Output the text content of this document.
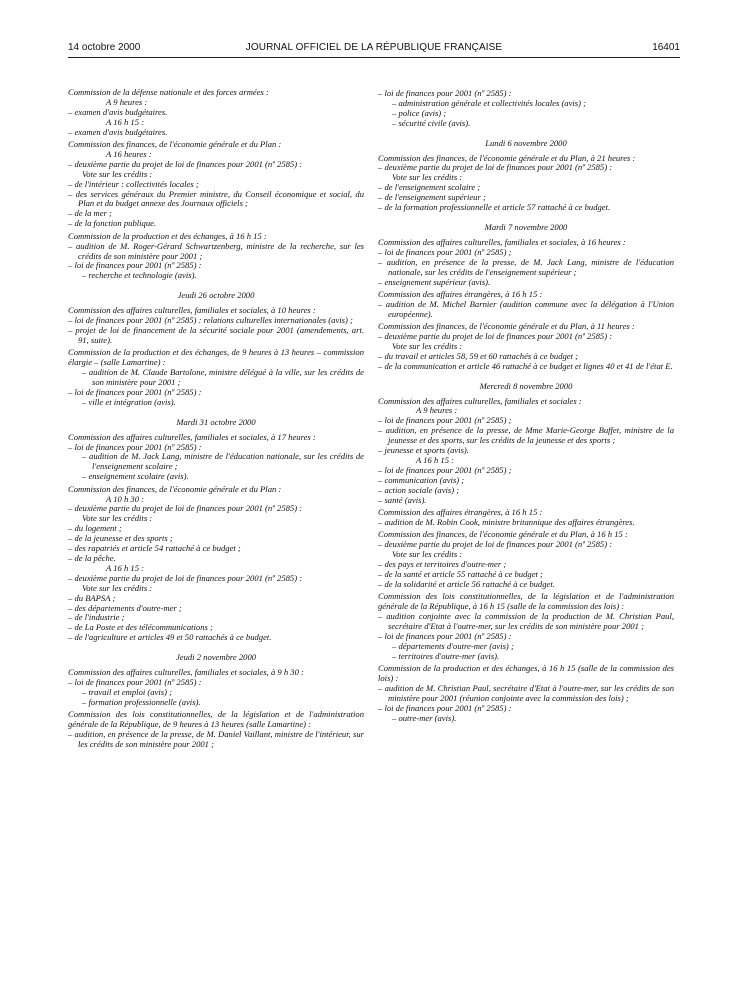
14 octobre 2000	JOURNAL OFFICIEL DE LA RÉPUBLIQUE FRANÇAISE	16401
Commission de la défense nationale et des forces armées :
A 9 heures :
– examen d'avis budgétaires.
A 16 h 15 :
– examen d'avis budgétaires.
Commission des finances, de l'économie générale et du Plan :
A 16 heures :
– deuxième partie du projet de loi de finances pour 2001 (nº 2585) :
Vote sur les crédits :
– de l'intérieur : collectivités locales ;
– des services généraux du Premier ministre, du Conseil économique et social, du Plan et du budget annexe des Journaux officiels ;
– de la mer ;
– de la fonction publique.
Commission de la production et des échanges, à 16 h 15 :
– audition de M. Roger-Gérard Schwartzenberg, ministre de la recherche, sur les crédits de son ministère pour 2001 ;
– loi de finances pour 2001 (nº 2585) :
– recherche et technologie (avis).
Jeudi 26 octobre 2000
Commission des affaires culturelles, familiales et sociales, à 10 heures :
– loi de finances pour 2001 (nº 2585) : relations culturelles internationales (avis) ;
– projet de loi de financement de la sécurité sociale pour 2001 (amendements, art. 91, suite).
Commission de la production et des échanges, de 9 heures à 13 heures – commission élargie – (salle Lamartine) :
– audition de M. Claude Bartolone, ministre délégué à la ville, sur les crédits de son ministère pour 2001 ;
– loi de finances pour 2001 (nº 2585) :
– ville et intégration (avis).
Mardi 31 octobre 2000
Commission des affaires culturelles, familiales et sociales, à 17 heures :
– loi de finances pour 2001 (nº 2585) :
– audition de M. Jack Lang, ministre de l'éducation nationale, sur les crédits de l'enseignement scolaire ;
– enseignement scolaire (avis).
Commission des finances, de l'économie générale et du Plan :
A 10 h 30 :
– deuxième partie du projet de loi de finances pour 2001 (nº 2585) :
Vote sur les crédits :
– du logement ;
– de la jeunesse et des sports ;
– des rapatriés et article 54 rattaché à ce budget ;
– de la pêche.
A 16 h 15 :
– deuxième partie du projet de loi de finances pour 2001 (nº 2585) :
Vote sur les crédits :
– du BAPSA ;
– des départements d'outre-mer ;
– de l'industrie ;
– de La Poste et des télécommunications ;
– de l'agriculture et articles 49 et 50 rattachés à ce budget.
Jeudi 2 novembre 2000
Commission des affaires culturelles, familiales et sociales, à 9 h 30 :
– loi de finances pour 2001 (nº 2585) :
– travail et emploi (avis) ;
– formation professionnelle (avis).
Commission des lois constitutionnelles, de la législation et de l'administration générale de la République, de 9 heures à 13 heures (salle Lamartine) :
– audition, en présence de la presse, de M. Daniel Vaillant, ministre de l'intérieur, sur les crédits de son ministère pour 2001 ;
– loi de finances pour 2001 (nº 2585) :
– administration générale et collectivités locales (avis) ;
– police (avis) ;
– sécurité civile (avis).
Lundi 6 novembre 2000
Commission des finances, de l'économie générale et du Plan, à 21 heures :
– deuxième partie du projet de loi de finances pour 2001 (nº 2585) :
Vote sur les crédits :
– de l'enseignement scolaire ;
– de l'enseignement supérieur ;
– de la formation professionnelle et article 57 rattaché à ce budget.
Mardi 7 novembre 2000
Commission des affaires culturelles, familiales et sociales, à 16 heures :
– loi de finances pour 2001 (nº 2585) ;
– audition, en présence de la presse, de M. Jack Lang, ministre de l'éducation nationale, sur les crédits de l'enseignement supérieur ;
– enseignement supérieur (avis).
Commission des affaires étrangères, à 16 h 15 :
– audition de M. Michel Barnier (audition commune avec la délégation à l'Union européenne).
Commission des finances, de l'économie générale et du Plan, à 11 heures :
– deuxième partie du projet de loi de finances pour 2001 (nº 2585) :
Vote sur les crédits :
– du travail et articles 58, 59 et 60 rattachés à ce budget ;
– de la communication et article 46 rattaché à ce budget et lignes 40 et 41 de l'état E.
Mercredi 8 novembre 2000
Commission des affaires culturelles, familiales et sociales :
A 9 heures :
– loi de finances pour 2001 (nº 2585) ;
– audition, en présence de la presse, de Mme Marie-George Buffet, ministre de la jeunesse et des sports, sur les crédits de la jeunesse et des sports ;
– jeunesse et sports (avis).
A 16 h 15 :
– loi de finances pour 2001 (nº 2585) ;
– communication (avis) ;
– action sociale (avis) ;
– santé (avis).
Commission des affaires étrangères, à 16 h 15 :
– audition de M. Robin Cook, ministre britannique des affaires étrangères.
Commission des finances, de l'économie générale et du Plan, à 16 h 15 :
– deuxième partie du projet de loi de finances pour 2001 (nº 2585) :
Vote sur les crédits :
– des pays et territoires d'outre-mer ;
– de la santé et article 55 rattaché à ce budget ;
– de la solidarité et article 56 rattaché à ce budget.
Commission des lois constitutionnelles, de la législation et de l'administration générale de la République, à 16 h 15 (salle de la commission des lois) :
– audition conjointe avec la commission de la production de M. Christian Paul, secrétaire d'Etat à l'outre-mer, sur les crédits de son ministère pour 2001 ;
– loi de finances pour 2001 (nº 2585) :
– départements d'outre-mer (avis) ;
– territoires d'outre-mer (avis).
Commission de la production et des échanges, à 16 h 15 (salle de la commission des lois) :
– audition de M. Christian Paul, secrétaire d'Etat à l'outre-mer, sur les crédits de son ministère pour 2001 (réunion conjointe avec la commission des lois) ;
– loi de finances pour 2001 (nº 2585) :
– outre-mer (avis).
